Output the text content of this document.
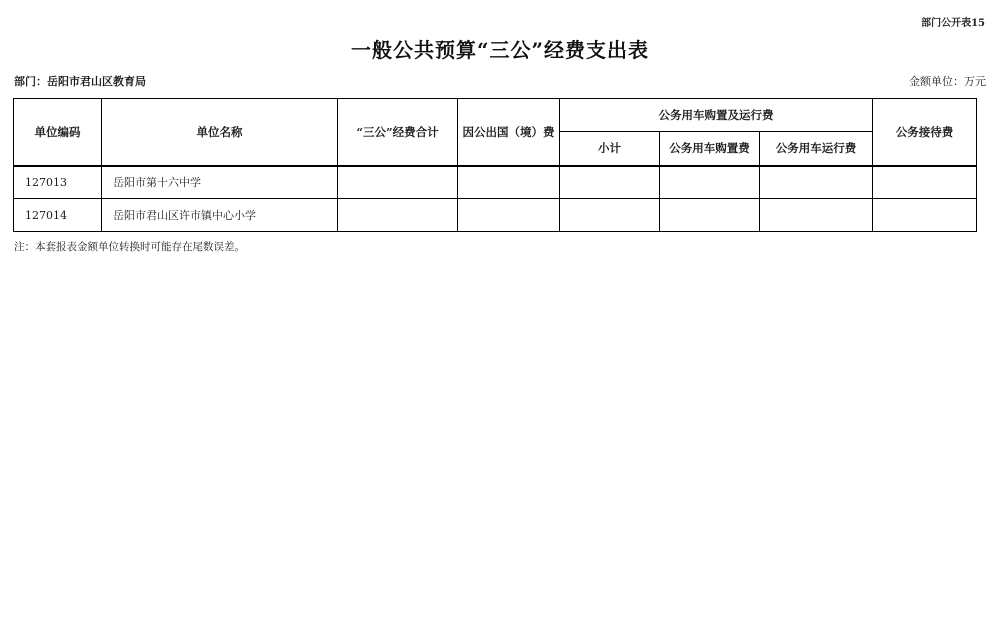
部门公开表15
一般公共预算“三公”经费支出表
部门：岳阳市君山区教育局	金额单位：万元
单位编码	单位名称	“三公”经费合计	因公出国（境）费	公务用车购置及运行费			公务接待费
				小计	公务用车购置费	公务用车运行费	
127013	岳阳市第十六中学						
127014	岳阳市君山区许市镇中心小学						
注：本套报表金额单位转换时可能存在尾数误差。
